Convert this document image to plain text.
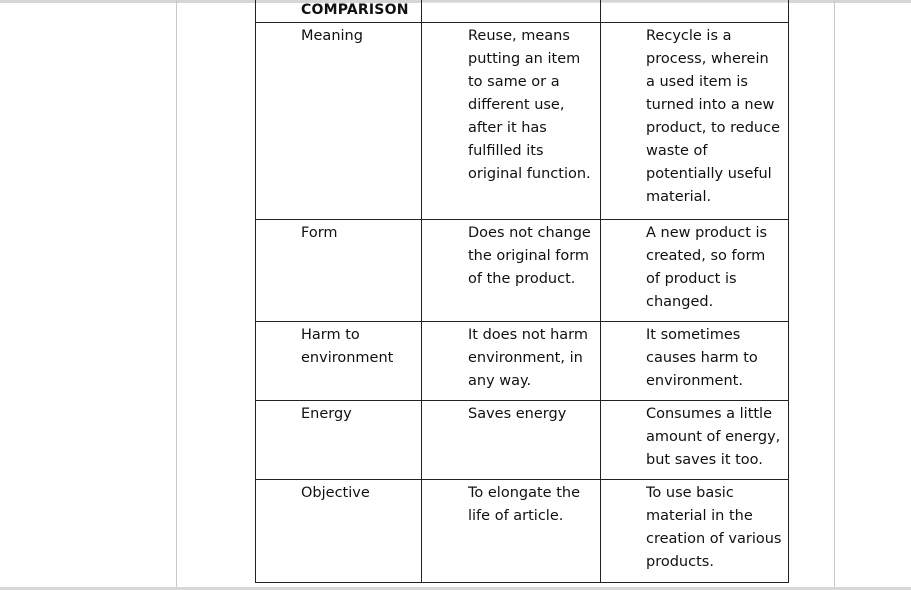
COMPARISON		
Meaning	Reuse, means putting an item to same or a different use, after it has fulfilled its original function.	Recycle is a process, wherein a used item is turned into a new product, to reduce waste of potentially useful material.
Form	Does not change the original form of the product.	A new product is created, so form of product is changed.
Harm to environment	It does not harm environment, in any way.	It sometimes causes harm to environment.
Energy	Saves energy	Consumes a little amount of energy, but saves it too.
Objective	To elongate the life of article.	To use basic material in the creation of various products.
